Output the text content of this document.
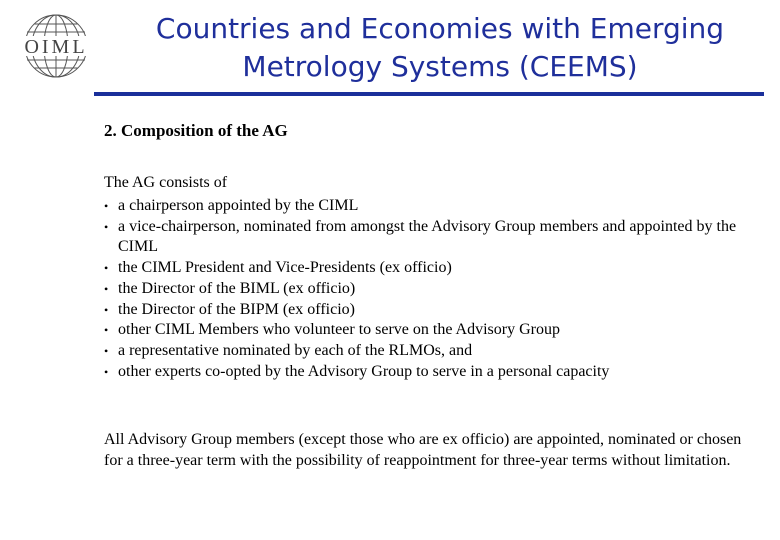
OIML
Countries and Economies with Emerging
Metrology Systems (CEEMS)
2. Composition of the AG
The AG consists of
• a chairperson appointed by the CIML
• a vice-chairperson, nominated from amongst the Advisory Group members and appointed by the CIML
• the CIML President and Vice-Presidents (ex officio)
• the Director of the BIML (ex officio)
• the Director of the BIPM (ex officio)
• other CIML Members who volunteer to serve on the Advisory Group
• a representative nominated by each of the RLMOs, and
• other experts co-opted by the Advisory Group to serve in a personal capacity
All Advisory Group members (except those who are ex officio) are appointed, nominated or chosen for a three-year term with the possibility of reappointment for three-year terms without limitation.
